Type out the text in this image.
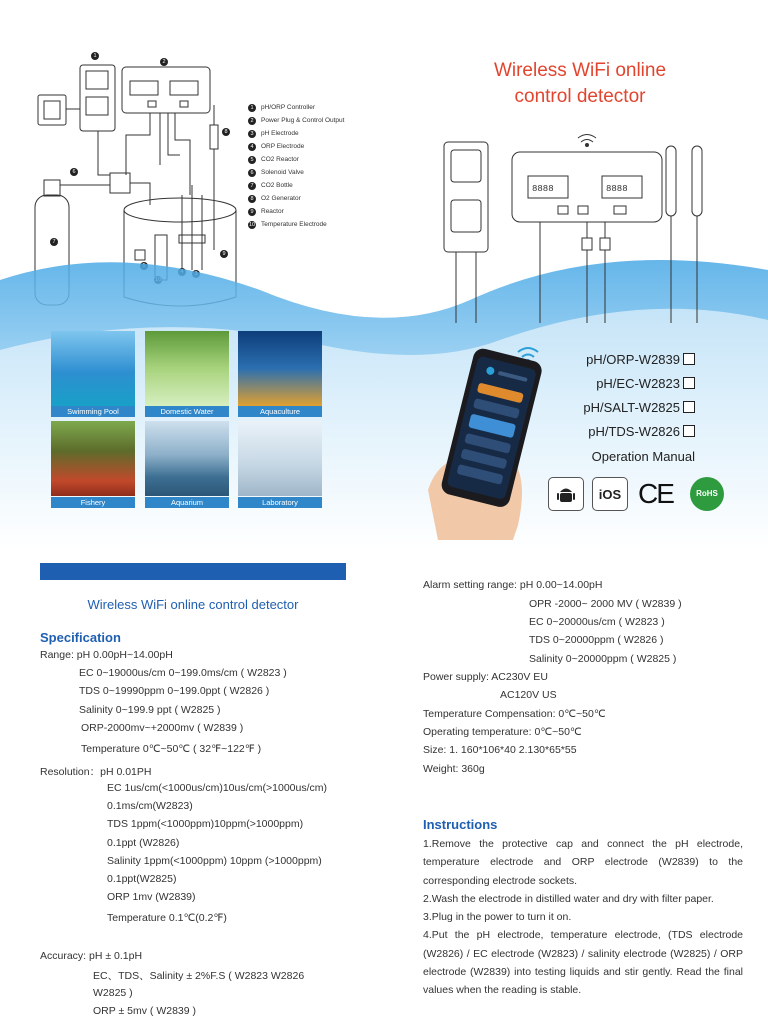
1
2
6
7
8
9
1	pH/ORP Controller
2	Power Plug & Control Output
3	pH Electrode
4	ORP Electrode
5	CO2 Reactor
6	Solenoid Valve
7	CO2 Bottle
8	O2 Generator
9	Reactor
10 Temperature Electrode
Wireless WiFi online
control detector
8888	8888
Swimming Pool	Domestic Water	Aquaculture
Fishery	Aquarium	Laboratory
pH/ORP-W2839
pH/EC-W2823
pH/SALT-W2825
pH/TDS-W2826
Operation Manual
iOS CE	RoHS
Wireless WiFi online control detector
Specification
Range: pH 0.00pH~14.00pH
EC 0~19000us/cm 0~199.0ms/cm ( W2823 )
TDS 0~19990ppm 0~199.0ppt ( W2826 )
Salinity 0~199.9 ppt ( W2825 )
ORP-2000mv~+2000mv ( W2839 )
Temperature 0℃~50℃ ( 32℉~122℉ )
Resolution：pH 0.01PH
EC 1us/cm(<1000us/cm)10us/cm(>1000us/cm)
0.1ms/cm(W2823)
TDS 1ppm(<1000ppm)10ppm(>1000ppm)
0.1ppt (W2826)
Salinity 1ppm(<1000ppm) 10ppm (>1000ppm)
0.1ppt(W2825)
ORP 1mv (W2839)
Temperature 0.1℃(0.2℉)
Accuracy: pH ± 0.1pH
EC、TDS、Salinity ± 2%F.S ( W2823 W2826
W2825 )
ORP ± 5mv ( W2839 )
Alarm setting range: pH 0.00~14.00pH
OPR -2000~ 2000 MV ( W2839 )
EC 0~20000us/cm ( W2823 )
TDS 0~20000ppm ( W2826 )
Salinity 0~20000ppm ( W2825 )
Power supply: AC230V EU
AC120V US
Temperature Compensation: 0℃~50℃
Operating temperature: 0℃~50℃
Size: 1. 160*106*40 2.130*65*55
Weight: 360g
Instructions

1.Remove the protective cap and connect the pH electrode, temperature electrode and ORP electrode (W2839) to the corresponding electrode sockets.

2.Wash the electrode in distilled water and dry with filter paper.

3.Plug in the power to turn it on.

4.Put the pH electrode, temperature electrode, (TDS electrode (W2826) / EC electrode (W2823) / salinity electrode (W2825) / ORP electrode (W2839) into testing liquids and stir gently. Read the final values when the reading is stable.
